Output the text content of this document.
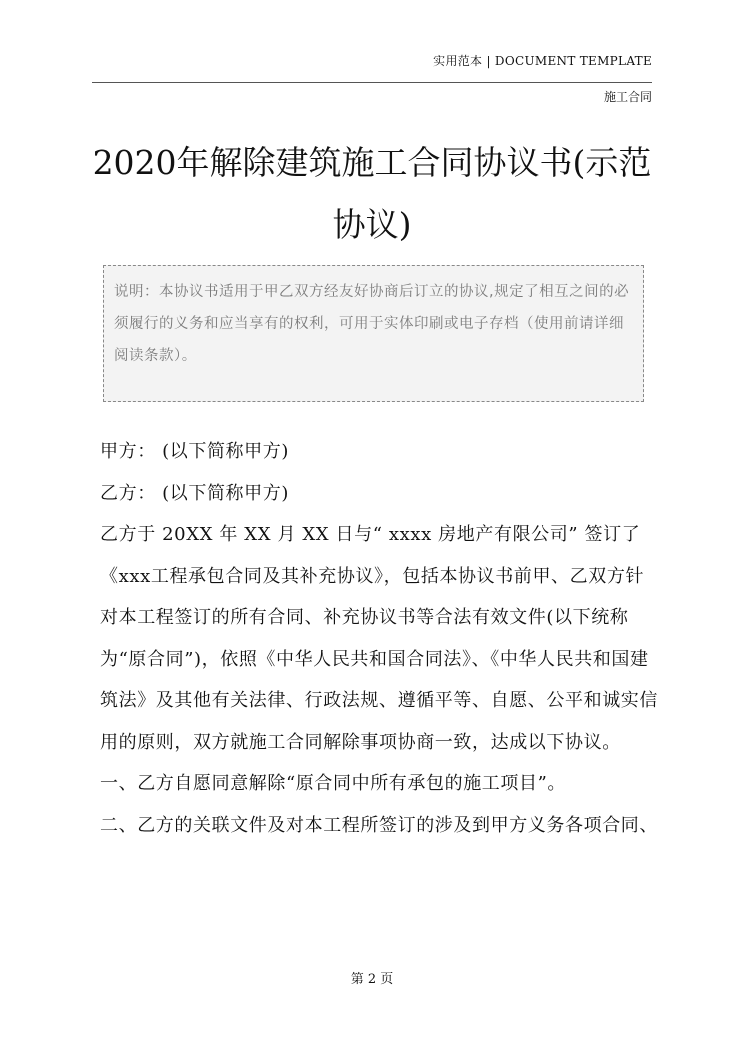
实用范本 | DOCUMENT TEMPLATE
施工合同
2020年解除建筑施工合同协议书(示范协议)
说明：本协议书适用于甲乙双方经友好协商后订立的协议,规定了相互之间的必须履行的义务和应当享有的权利，可用于实体印刷或电子存档（使用前请详细阅读条款）。

甲方： (以下简称甲方)

乙方： (以下简称甲方)

乙方于 20XX 年 XX 月 XX 日与“ xxxx 房地产有限公司” 签订了《xxx工程承包合同及其补充协议》，包括本协议书前甲、乙双方针对本工程签订的所有合同、补充协议书等合法有效文件(以下统称为“原合同”)，依照《中华人民共和国合同法》、《中华人民共和国建筑法》及其他有关法律、行政法规、遵循平等、自愿、公平和诚实信用的原则，双方就施工合同解除事项协商一致，达成以下协议。

一、乙方自愿同意解除“原合同中所有承包的施工项目”。

二、乙方的关联文件及对本工程所签订的涉及到甲方义务各项合同、

第 2 页
